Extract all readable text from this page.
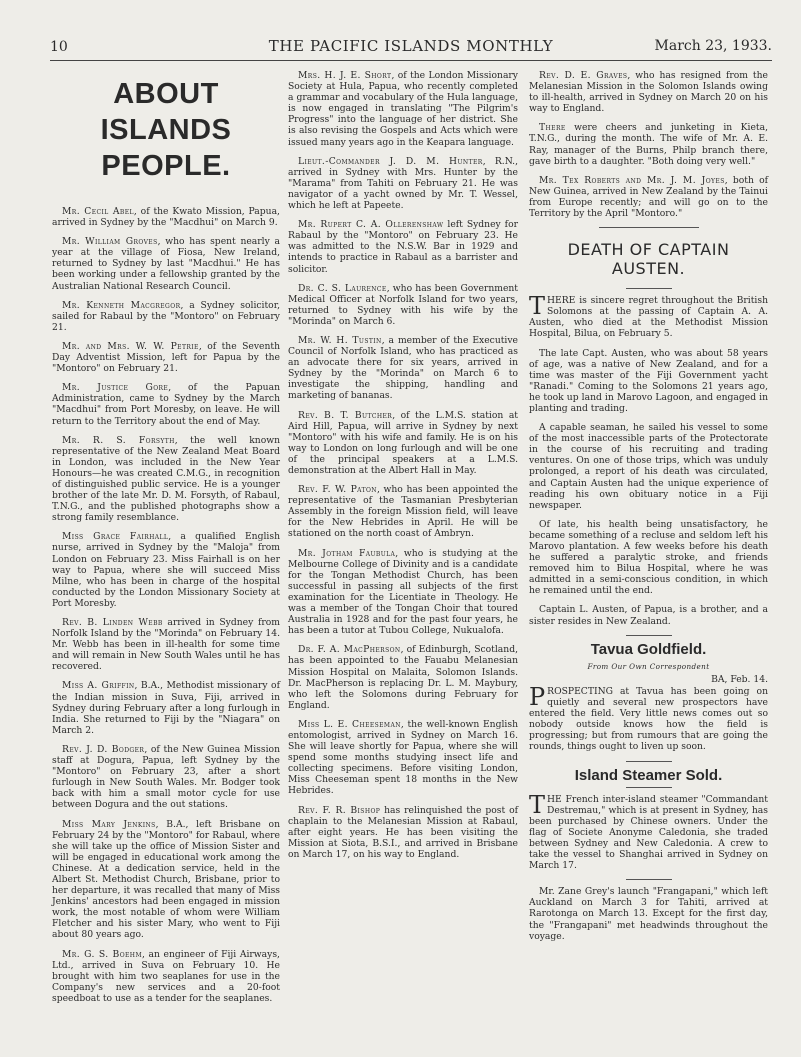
10	THE PACIFIC ISLANDS MONTHLY	March 23, 1933.
ABOUT ISLANDS PEOPLE.

Mr. Cecil Abel, of the Kwato Mission, Papua, arrived in Sydney by the "Macdhui" on March 9.

Mr. William Groves, who has spent nearly a year at the village of Fiosa, New Ireland, returned to Sydney by last "Macdhui." He has been working under a fellowship granted by the Australian National Research Council.

Mr. Kenneth Macgregor, a Sydney solicitor, sailed for Rabaul by the "Montoro" on February 21.

Mr. and Mrs. W. W. Petrie, of the Seventh Day Adventist Mission, left for Papua by the "Montoro" on February 21.

Mr. Justice Gore, of the Papuan Administration, came to Sydney by the March "Macdhui" from Port Moresby, on leave. He will return to the Territory about the end of May.

Mr. R. S. Forsyth, the well known representative of the New Zealand Meat Board in London, was included in the New Year Honours—he was created C.M.G., in recognition of distinguished public service. He is a younger brother of the late Mr. D. M. Forsyth, of Rabaul, T.N.G., and the published photographs show a strong family resemblance.

Miss Grace Fairhall, a qualified English nurse, arrived in Sydney by the "Maloja" from London on February 23. Miss Fairhall is on her way to Papua, where she will succeed Miss Milne, who has been in charge of the hospital conducted by the London Missionary Society at Port Moresby.

Rev. B. Linden Webb arrived in Sydney from Norfolk Island by the "Morinda" on February 14. Mr. Webb has been in ill-health for some time and will remain in New South Wales until he has recovered.

Miss A. Griffin, B.A., Methodist missionary of the Indian mission in Suva, Fiji, arrived in Sydney during February after a long furlough in India. She returned to Fiji by the "Niagara" on March 2.

Rev. J. D. Bodger, of the New Guinea Mission staff at Dogura, Papua, left Sydney by the "Montoro" on February 23, after a short furlough in New South Wales. Mr. Bodger took back with him a small motor cycle for use between Dogura and the out stations.

Miss Mary Jenkins, B.A., left Brisbane on February 24 by the "Montoro" for Rabaul, where she will take up the office of Mission Sister and will be engaged in educational work among the Chinese. At a dedication service, held in the Albert St. Methodist Church, Brisbane, prior to her departure, it was recalled that many of Miss Jenkins' ancestors had been engaged in mission work, the most notable of whom were William Fletcher and his sister Mary, who went to Fiji about 80 years ago.

Mr. G. S. Boehm, an engineer of Fiji Airways, Ltd., arrived in Suva on February 10. He brought with him two seaplanes for use in the Company's new services and a 20-foot speedboat to use as a tender for the seaplanes.

Mrs. H. J. E. Short, of the London Missionary Society at Hula, Papua, who recently completed a grammar and vocabulary of the Hula language, is now engaged in translating "The Pilgrim's Progress" into the language of her district. She is also revising the Gospels and Acts which were issued many years ago in the Keapara language.

Lieut.-Commander J. D. M. Hunter, R.N., arrived in Sydney with Mrs. Hunter by the "Marama" from Tahiti on February 21. He was navigator of a yacht owned by Mr. T. Wessel, which he left at Papeete.

Mr. Rupert C. A. Ollerenshaw left Sydney for Rabaul by the "Montoro" on February 23. He was admitted to the N.S.W. Bar in 1929 and intends to practice in Rabaul as a barrister and solicitor.

Dr. C. S. Laurence, who has been Government Medical Officer at Norfolk Island for two years, returned to Sydney with his wife by the "Morinda" on March 6.

Mr. W. H. Tustin, a member of the Executive Council of Norfolk Island, who has practiced as an advocate there for six years, arrived in Sydney by the "Morinda" on March 6 to investigate the shipping, handling and marketing of bananas.

Rev. B. T. Butcher, of the L.M.S. station at Aird Hill, Papua, will arrive in Sydney by next "Montoro" with his wife and family. He is on his way to London on long furlough and will be one of the principal speakers at a L.M.S. demonstration at the Albert Hall in May.

Rev. F. W. Paton, who has been appointed the representative of the Tasmanian Presbyterian Assembly in the foreign Mission field, will leave for the New Hebrides in April. He will be stationed on the north coast of Ambryn.

Mr. Jotham Faubula, who is studying at the Melbourne College of Divinity and is a candidate for the Tongan Methodist Church, has been successful in passing all subjects of the first examination for the Licentiate in Theology. He was a member of the Tongan Choir that toured Australia in 1928 and for the past four years, he has been a tutor at Tubou College, Nukualofa.

Dr. F. A. MacPherson, of Edinburgh, Scotland, has been appointed to the Fauabu Melanesian Mission Hospital on Malaita, Solomon Islands. Dr. MacPherson is replacing Dr. L. M. Maybury, who left the Solomons during February for England.

Miss L. E. Cheeseman, the well-known English entomologist, arrived in Sydney on March 16. She will leave shortly for Papua, where she will spend some months studying insect life and collecting specimens. Before visiting London, Miss Cheeseman spent 18 months in the New Hebrides.

Rev. F. R. Bishop has relinquished the post of chaplain to the Melanesian Mission at Rabaul, after eight years. He has been visiting the Mission at Siota, B.S.I., and arrived in Brisbane on March 17, on his way to England.

Rev. D. E. Graves, who has resigned from the Melanesian Mission in the Solomon Islands owing to ill-health, arrived in Sydney on March 20 on his way to England.

There were cheers and junketing in Kieta, T.N.G., during the month. The wife of Mr. A. E. Ray, manager of the Burns, Philp branch there, gave birth to a daughter. "Both doing very well."

Mr. Tex Roberts and Mr. J. M. Joyes, both of New Guinea, arrived in New Zealand by the Tainui from Europe recently; and will go on to the Territory by the April "Montoro."

DEATH OF CAPTAIN AUSTEN.

THERE is sincere regret throughout the British Solomons at the passing of Captain A. A. Austen, who died at the Methodist Mission Hospital, Bilua, on February 5.

The late Capt. Austen, who was about 58 years of age, was a native of New Zealand, and for a time was master of the Fiji Government yacht "Ranadi." Coming to the Solomons 21 years ago, he took up land in Marovo Lagoon, and engaged in planting and trading.

A capable seaman, he sailed his vessel to some of the most inaccessible parts of the Protectorate in the course of his recruiting and trading ventures. On one of those trips, which was unduly prolonged, a report of his death was circulated, and Captain Austen had the unique experience of reading his own obituary notice in a Fiji newspaper.

Of late, his health being unsatisfactory, he became something of a recluse and seldom left his Marovo plantation. A few weeks before his death he suffered a paralytic stroke, and friends removed him to Bilua Hospital, where he was admitted in a semi-conscious condition, in which he remained until the end.

Captain L. Austen, of Papua, is a brother, and a sister resides in New Zealand.

Tavua Goldfield.
From Our Own Correspondent
BA, Feb. 14.

PROSPECTING at Tavua has been going on quietly and several new prospectors have entered the field. Very little news comes out so nobody outside knows how the field is progressing; but from rumours that are going the rounds, things ought to liven up soon.

Island Steamer Sold.

THE French inter-island steamer "Commandant Destremau," which is at present in Sydney, has been purchased by Chinese owners. Under the flag of Societe Anonyme Caledonia, she traded between Sydney and New Caledonia. A crew to take the vessel to Shanghai arrived in Sydney on March 17.

Mr. Zane Grey's launch "Frangapani," which left Auckland on March 3 for Tahiti, arrived at Rarotonga on March 13. Except for the first day, the "Frangapani" met headwinds throughout the voyage.
